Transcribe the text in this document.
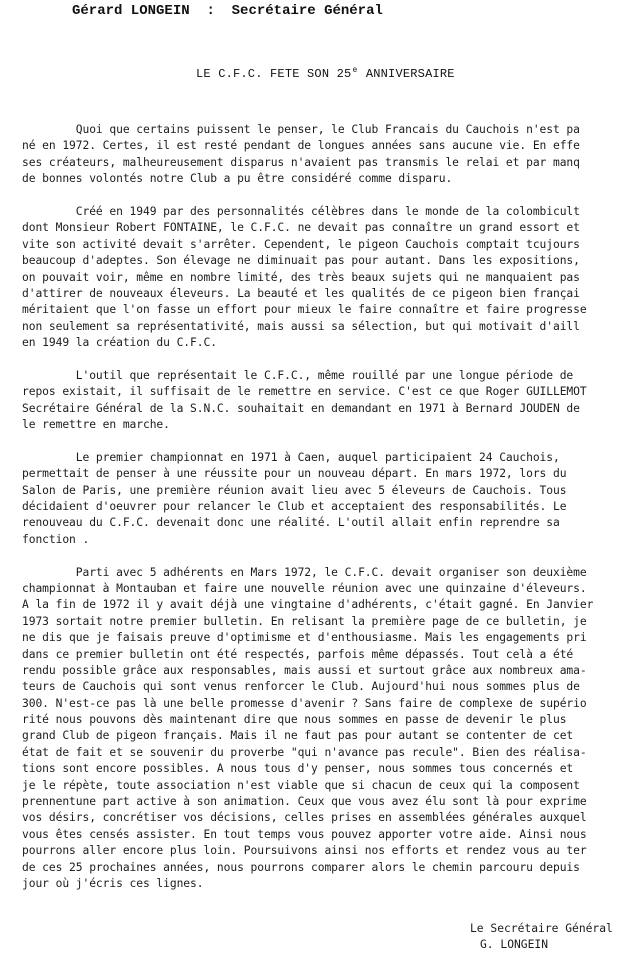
Gérard LONGEIN : Secrétaire Général
LE C.F.C. FETE SON 25e ANNIVERSAIRE
Quoi que certains puissent le penser, le Club Francais du Cauchois n'est pa
né en 1972. Certes, il est resté pendant de longues années sans aucune vie. En effe
ses créateurs, malheureusement disparus n'avaient pas transmis le relai et par manq
de bonnes volontés notre Club a pu être considéré comme disparu.
Créé en 1949 par des personnalités célèbres dans le monde de la colombicult
dont Monsieur Robert FONTAINE, le C.F.C. ne devait pas connaître un grand essort et
vite son activité devait s'arrêter. Cependent, le pigeon Cauchois comptait tcujours
beaucoup d'adeptes. Son élevage ne diminuait pas pour autant. Dans les expositions,
on pouvait voir, même en nombre limité, des très beaux sujets qui ne manquaient pas
d'attirer de nouveaux éleveurs. La beauté et les qualités de ce pigeon bien françai
méritaient que l'on fasse un effort pour mieux le faire connaître et faire progresse
non seulement sa représentativité, mais aussi sa sélection, but qui motivait d'aill
en 1949 la création du C.F.C.
L'outil que représentait le C.F.C., même rouillé par une longue période de
repos existait, il suffisait de le remettre en service. C'est ce que Roger GUILLEMOT
Secrétaire Général de la S.N.C. souhaitait en demandant en 1971 à Bernard JOUDEN de
le remettre en marche.
Le premier championnat en 1971 à Caen, auquel participaient 24 Cauchois,
permettait de penser à une réussite pour un nouveau départ. En mars 1972, lors du
Salon de Paris, une première réunion avait lieu avec 5 éleveurs de Cauchois. Tous
décidaient d'oeuvrer pour relancer le Club et acceptaient des responsabilités. Le
renouveau du C.F.C. devenait donc une réalité. L'outil allait enfin reprendre sa
fonction .
Parti avec 5 adhérents en Mars 1972, le C.F.C. devait organiser son deuxième
championnat à Montauban et faire une nouvelle réunion avec une quinzaine d'éleveurs.
A la fin de 1972 il y avait déjà une vingtaine d'adhérents, c'était gagné. En Janvier
1973 sortait notre premier bulletin. En relisant la première page de ce bulletin, je
ne dis que je faisais preuve d'optimisme et d'enthousiasme. Mais les engagements pri
dans ce premier bulletin ont été respectés, parfois même dépassés. Tout celà a été
rendu possible grâce aux responsables, mais aussi et surtout grâce aux nombreux ama-
teurs de Cauchois qui sont venus renforcer le Club. Aujourd'hui nous sommes plus de
300. N'est-ce pas là une belle promesse d'avenir ? Sans faire de complexe de supério
rité nous pouvons dès maintenant dire que nous sommes en passe de devenir le plus
grand Club de pigeon français. Mais il ne faut pas pour autant se contenter de cet
état de fait et se souvenir du proverbe "qui n'avance pas recule". Bien des réalisa-
tions sont encore possibles. A nous tous d'y penser, nous sommes tous concernés et
je le répète, toute association n'est viable que si chacun de ceux qui la composent
prennentune part active à son animation. Ceux que vous avez élu sont là pour exprime
vos désirs, concrétiser vos décisions, celles prises en assemblées générales auxquel
vous êtes censés assister. En tout temps vous pouvez apporter votre aide. Ainsi nous
pourrons aller encore plus loin. Poursuivons ainsi nos efforts et rendez vous au ter
de ces 25 prochaines années, nous pourrons comparer alors le chemin parcouru depuis
jour où j'écris ces lignes.
Le Secrétaire Général
G. LONGEIN
